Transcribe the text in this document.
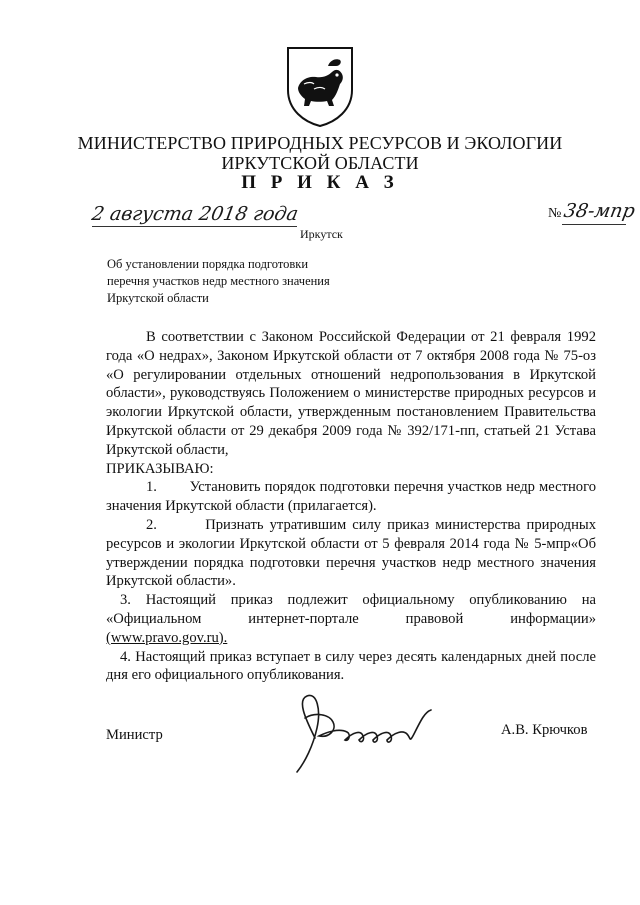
МИНИСТЕРСТВО ПРИРОДНЫХ РЕСУРСОВ И ЭКОЛОГИИ
ИРКУТСКОЙ ОБЛАСТИ
П Р И К А З
2 августа 2018 года	№ 38-мпр
Иркутск
Об установлении порядка подготовки
перечня участков недр местного значения
Иркутской области

В соответствии с Законом Российской Федерации от 21 февраля 1992 года «О недрах», Законом Иркутской области от 7 октября 2008 года № 75-оз «О регулировании отдельных отношений недропользования в Иркутской области», руководствуясь Положением о министерстве природных ресурсов и экологии Иркутской области, утвержденным постановлением Правительства Иркутской области от 29 декабря 2009 года № 392/171-пп, статьей 21 Устава Иркутской области,

ПРИКАЗЫВАЮ:

1.        Установить порядок подготовки перечня участков недр местного значения Иркутской области (прилагается).

2.        Признать утратившим силу приказ министерства природных ресурсов и экологии Иркутской области от 5 февраля 2014 года № 5-мпр«Об утверждении порядка подготовки перечня участков недр местного значения Иркутской области».

3. Настоящий приказ подлежит официальному опубликованию на «Официальном интернет-портале правовой информации»

(www.pravo.gov.ru).

4. Настоящий приказ вступает в силу через десять календарных дней после дня его официального опубликования.

Министр	А.В. Крючков
